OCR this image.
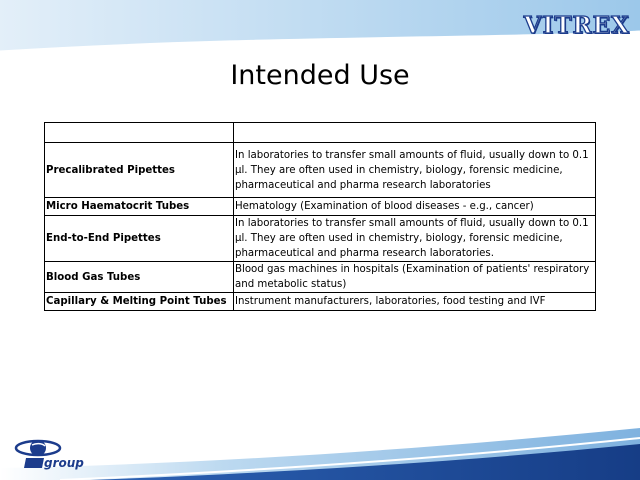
VITREX
Intended Use

Precalibrated Pipettes	In laboratories to transfer small amounts of fluid, usually down to 0.1 µl. They are often used in chemistry, biology, forensic medicine, pharmaceutical and pharma research laboratories
Micro Haematocrit Tubes	Hematology (Examination of blood diseases - e.g., cancer)
End-to-End Pipettes	In laboratories to transfer small amounts of fluid, usually down to 0.1 µl. They are often used in chemistry, biology, forensic medicine, pharmaceutical and pharma research laboratories.
Blood Gas Tubes	Blood gas machines in hospitals (Examination of patients' respiratory and metabolic status)
Capillary & Melting Point Tubes	Instrument manufacturers, laboratories, food testing and IVF
group
